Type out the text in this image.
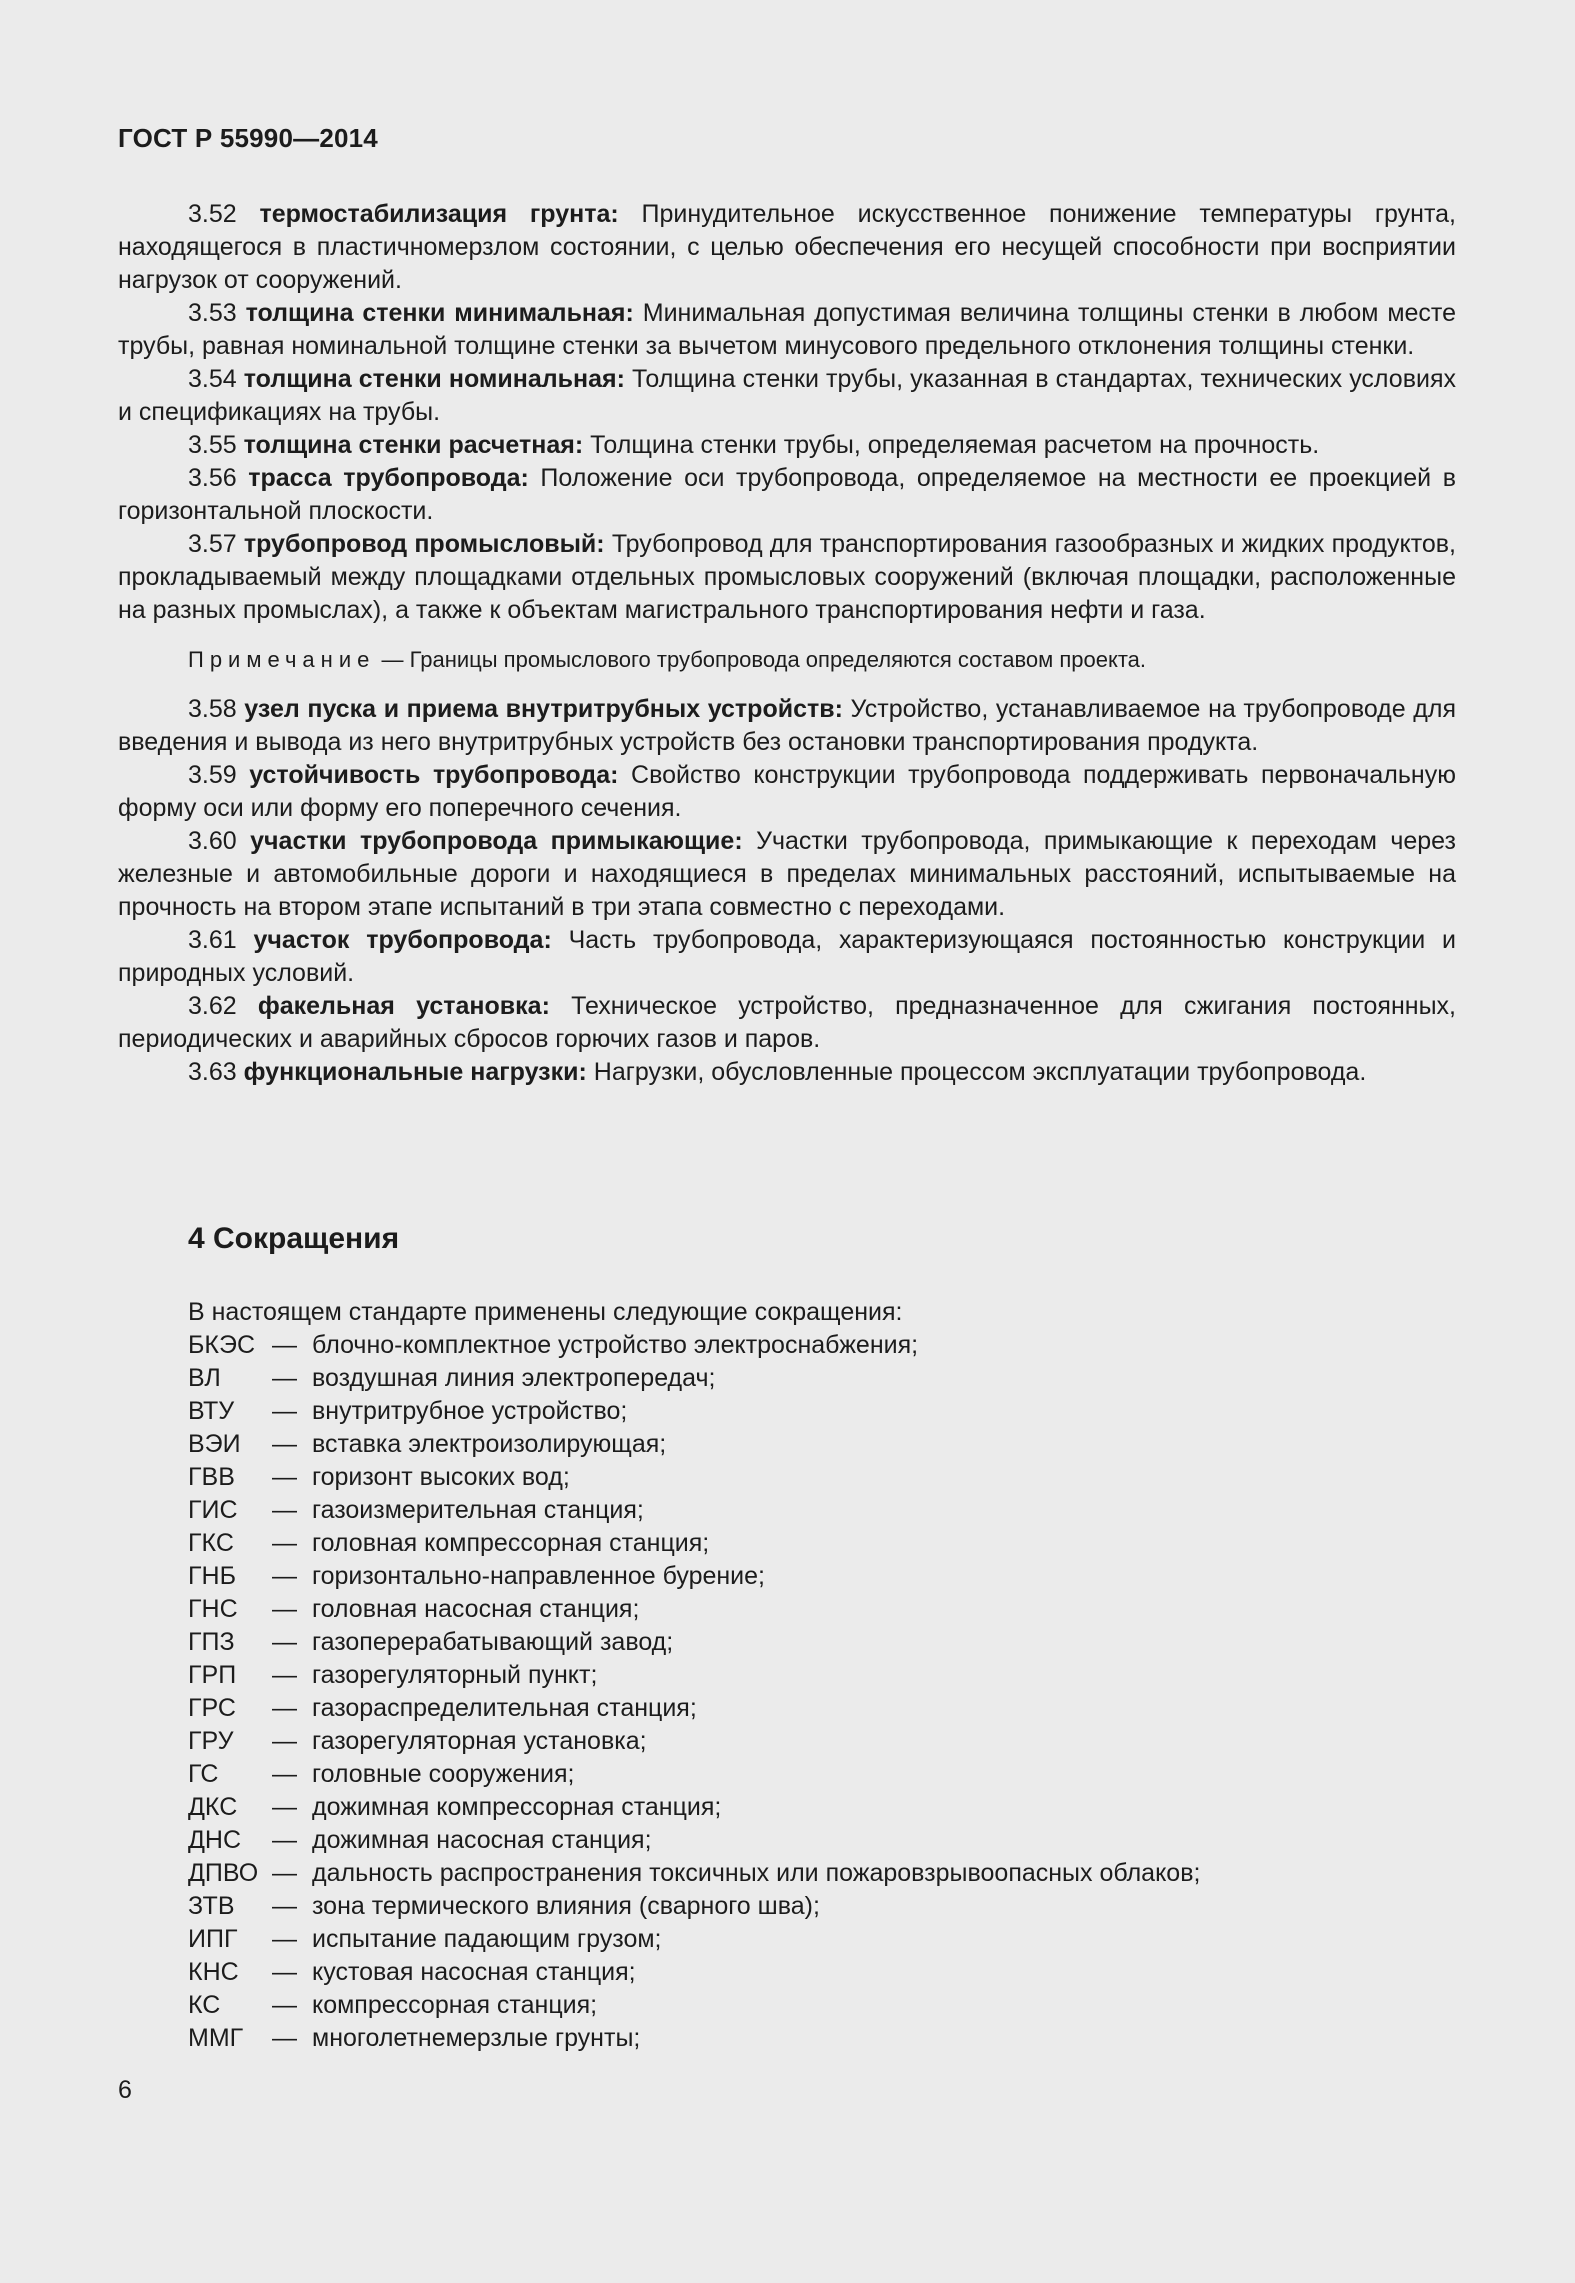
ГОСТ Р 55990—2014

3.52 термостабилизация грунта: Принудительное искусственное понижение температуры грунта, находящегося в пластичномерзлом состоянии, с целью обеспечения его несущей способности при восприятии нагрузок от сооружений.

3.53 толщина стенки минимальная: Минимальная допустимая величина толщины стенки в любом месте трубы, равная номинальной толщине стенки за вычетом минусового предельного отклонения толщины стенки.

3.54 толщина стенки номинальная: Толщина стенки трубы, указанная в стандартах, технических условиях и спецификациях на трубы.

3.55 толщина стенки расчетная: Толщина стенки трубы, определяемая расчетом на прочность.

3.56 трасса трубопровода: Положение оси трубопровода, определяемое на местности ее проекцией в горизонтальной плоскости.

3.57 трубопровод промысловый: Трубопровод для транспортирования газообразных и жидких продуктов, прокладываемый между площадками отдельных промысловых сооружений (включая площадки, расположенные на разных промыслах), а также к объектам магистрального транспортирования нефти и газа.

Примечание — Границы промыслового трубопровода определяются составом проекта.

3.58 узел пуска и приема внутритрубных устройств: Устройство, устанавливаемое на трубопроводе для введения и вывода из него внутритрубных устройств без остановки транспортирования продукта.

3.59 устойчивость трубопровода: Свойство конструкции трубопровода поддерживать первоначальную форму оси или форму его поперечного сечения.

3.60 участки трубопровода примыкающие: Участки трубопровода, примыкающие к переходам через железные и автомобильные дороги и находящиеся в пределах минимальных расстояний, испытываемые на прочность на втором этапе испытаний в три этапа совместно с переходами.

3.61 участок трубопровода: Часть трубопровода, характеризующаяся постоянностью конструкции и природных условий.

3.62 факельная установка: Техническое устройство, предназначенное для сжигания постоянных, периодических и аварийных сбросов горючих газов и паров.

3.63 функциональные нагрузки: Нагрузки, обусловленные процессом эксплуатации трубопровода.

4 Сокращения
В настоящем стандарте применены следующие сокращения:
БКЭС — блочно-комплектное устройство электроснабжения;
ВЛ	— воздушная линия электропередач;
ВТУ	— внутритрубное устройство;
ВЭИ	— вставка электроизолирующая;
ГВВ	— горизонт высоких вод;
ГИС	— газоизмерительная станция;
ГКС	— головная компрессорная станция;
ГНБ	— горизонтально-направленное бурение;
ГНС	— головная насосная станция;
ГПЗ	— газоперерабатывающий завод;
ГРП	— газорегуляторный пункт;
ГРС	— газораспределительная станция;
ГРУ	— газорегуляторная установка;
ГС	— головные сооружения;
ДКС	— дожимная компрессорная станция;
ДНС	— дожимная насосная станция;
ДПВО — дальность распространения токсичных или пожаровзрывоопасных облаков;
ЗТВ	— зона термического влияния (сварного шва);
ИПГ	— испытание падающим грузом;
КНС	— кустовая насосная станция;
КС	— компрессорная станция;
ММГ	— многолетнемерзлые грунты;
6
